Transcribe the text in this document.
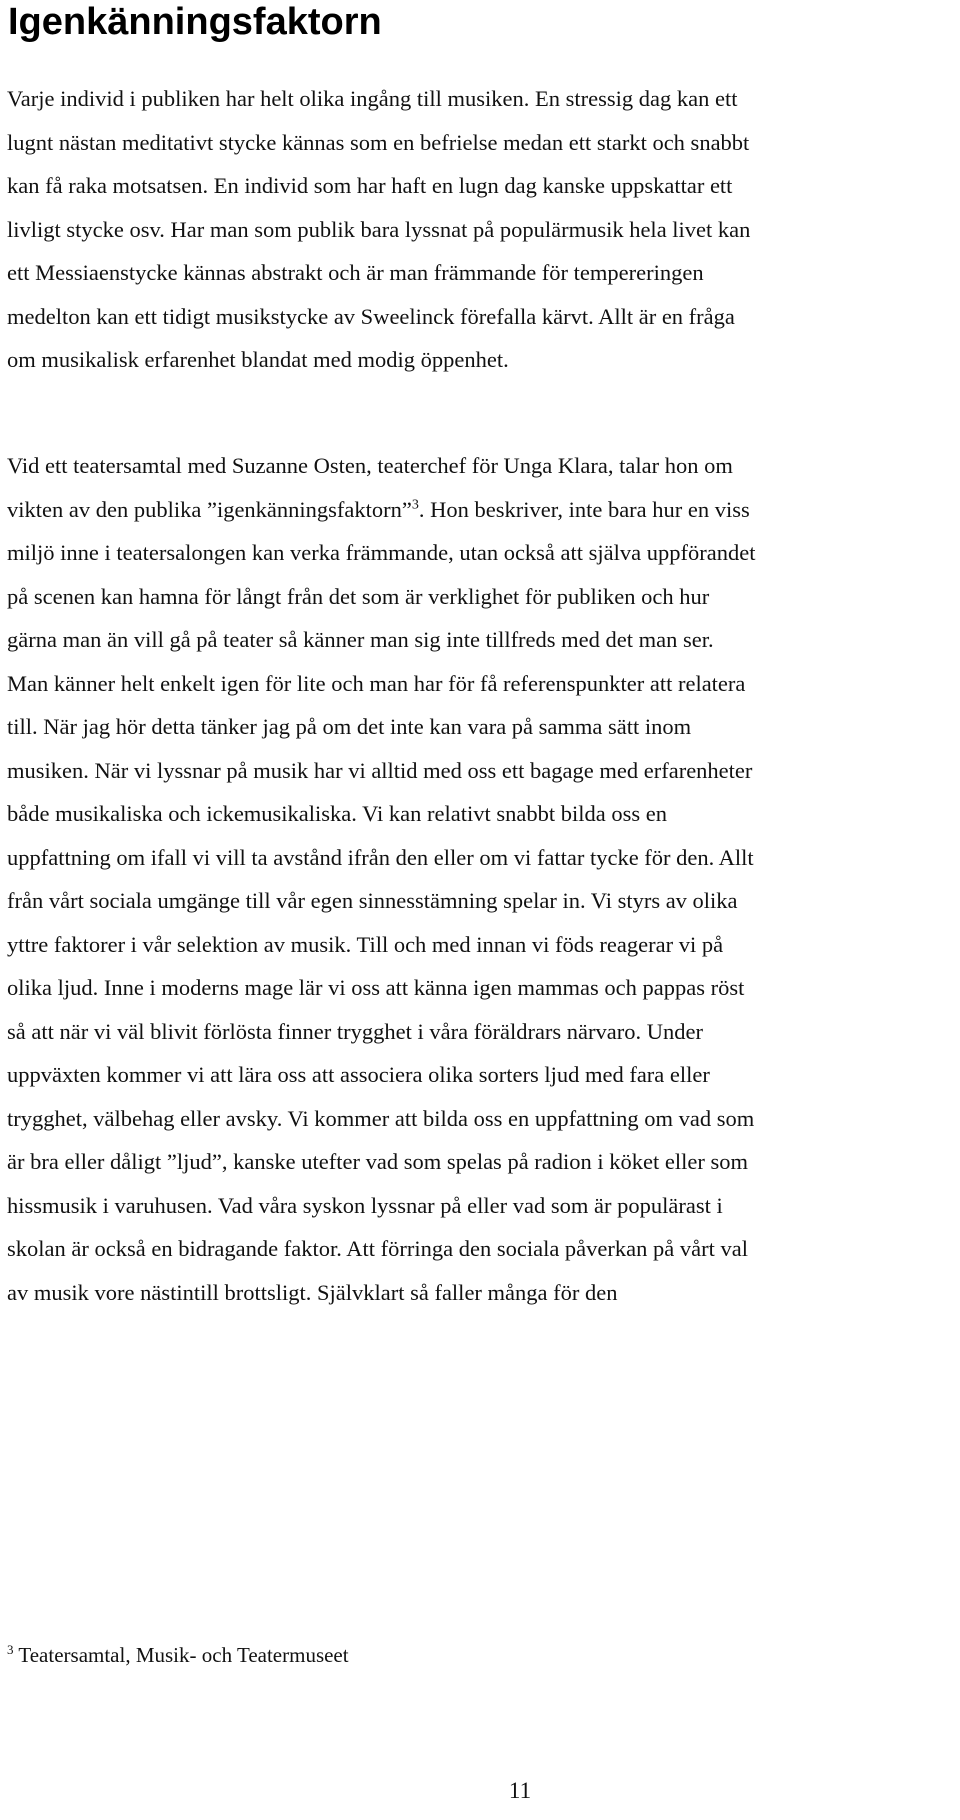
Igenkänningsfaktorn

Varje individ i publiken har helt olika ingång till musiken. En stressig dag kan ett
lugnt nästan meditativt stycke kännas som en befrielse medan ett starkt och snabbt
kan få raka motsatsen. En individ som har haft en lugn dag kanske uppskattar ett
livligt stycke osv. Har man som publik bara lyssnat på populärmusik hela livet kan
ett Messiaenstycke kännas abstrakt och är man främmande för tempereringen
medelton kan ett tidigt musikstycke av Sweelinck förefalla kärvt. Allt är en fråga
om musikalisk erfarenhet blandat med modig öppenhet.

Vid ett teatersamtal med Suzanne Osten, teaterchef för Unga Klara, talar hon om
vikten av den publika ”igenkänningsfaktorn”$^3$. Hon beskriver, inte bara hur en viss
miljö inne i teatersalongen kan verka främmande, utan också att själva uppförandet
på scenen kan hamna för långt från det som är verklighet för publiken och hur
gärna man än vill gå på teater så känner man sig inte tillfreds med det man ser.
Man känner helt enkelt igen för lite och man har för få referenspunkter att relatera
till. När jag hör detta tänker jag på om det inte kan vara på samma sätt inom
musiken. När vi lyssnar på musik har vi alltid med oss ett bagage med erfarenheter
både musikaliska och ickemusikaliska. Vi kan relativt snabbt bilda oss en
uppfattning om ifall vi vill ta avstånd ifrån den eller om vi fattar tycke för den. Allt
från vårt sociala umgänge till vår egen sinnesstämning spelar in. Vi styrs av olika
yttre faktorer i vår selektion av musik. Till och med innan vi föds reagerar vi på
olika ljud. Inne i moderns mage lär vi oss att känna igen mammas och pappas röst
så att när vi väl blivit förlösta finner trygghet i våra föräldrars närvaro. Under
uppväxten kommer vi att lära oss att associera olika sorters ljud med fara eller
trygghet, välbehag eller avsky. Vi kommer att bilda oss en uppfattning om vad som
är bra eller dåligt ”ljud”, kanske utefter vad som spelas på radion i köket eller som
hissmusik i varuhusen. Vad våra syskon lyssnar på eller vad som är populärast i
skolan är också en bidragande faktor. Att förringa den sociala påverkan på vårt val
av musik vore nästintill brottsligt. Självklart så faller många för den

$^3$ Teatersamtal, Musik- och Teatermuseet

11
